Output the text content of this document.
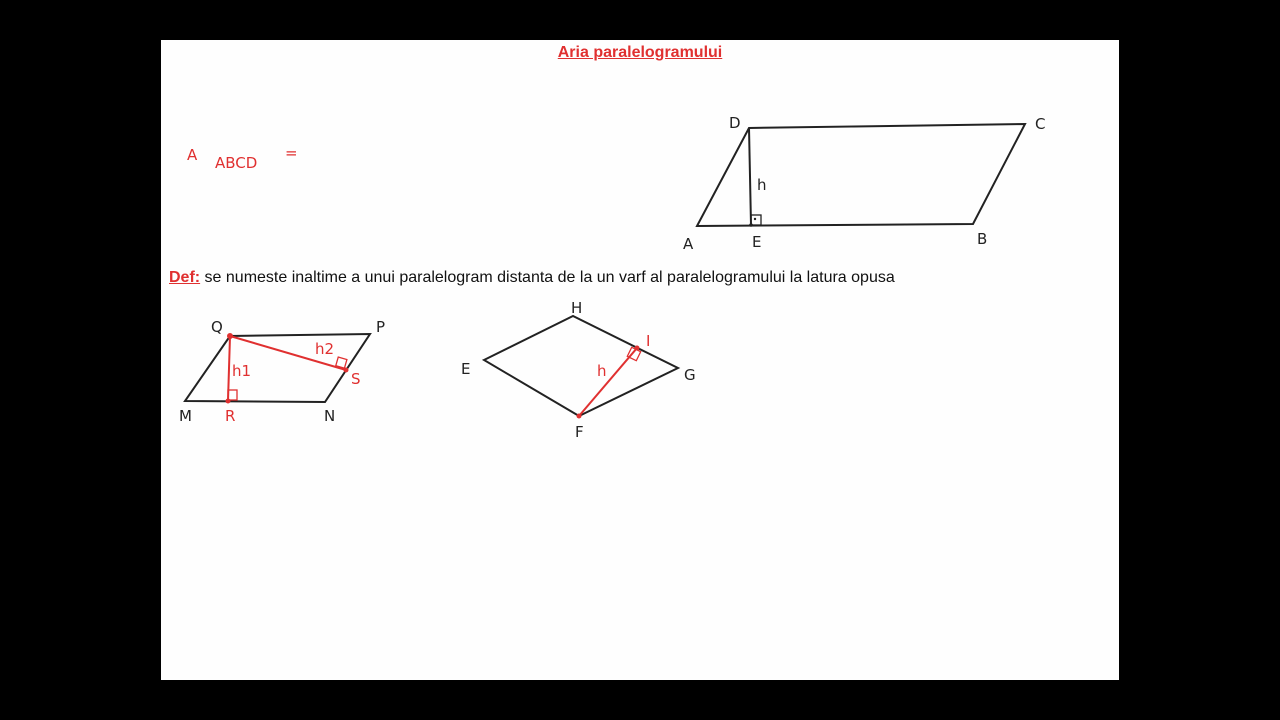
Aria paralelogramului
A ABCD
=
A	B
C
D
E
h
Def: se numeste inaltime a unui paralelogram distanta de la un varf al paralelogramului la latura opusa
M	N
P
Q
R
S
h1
h2
E
F
G
H
I
h
